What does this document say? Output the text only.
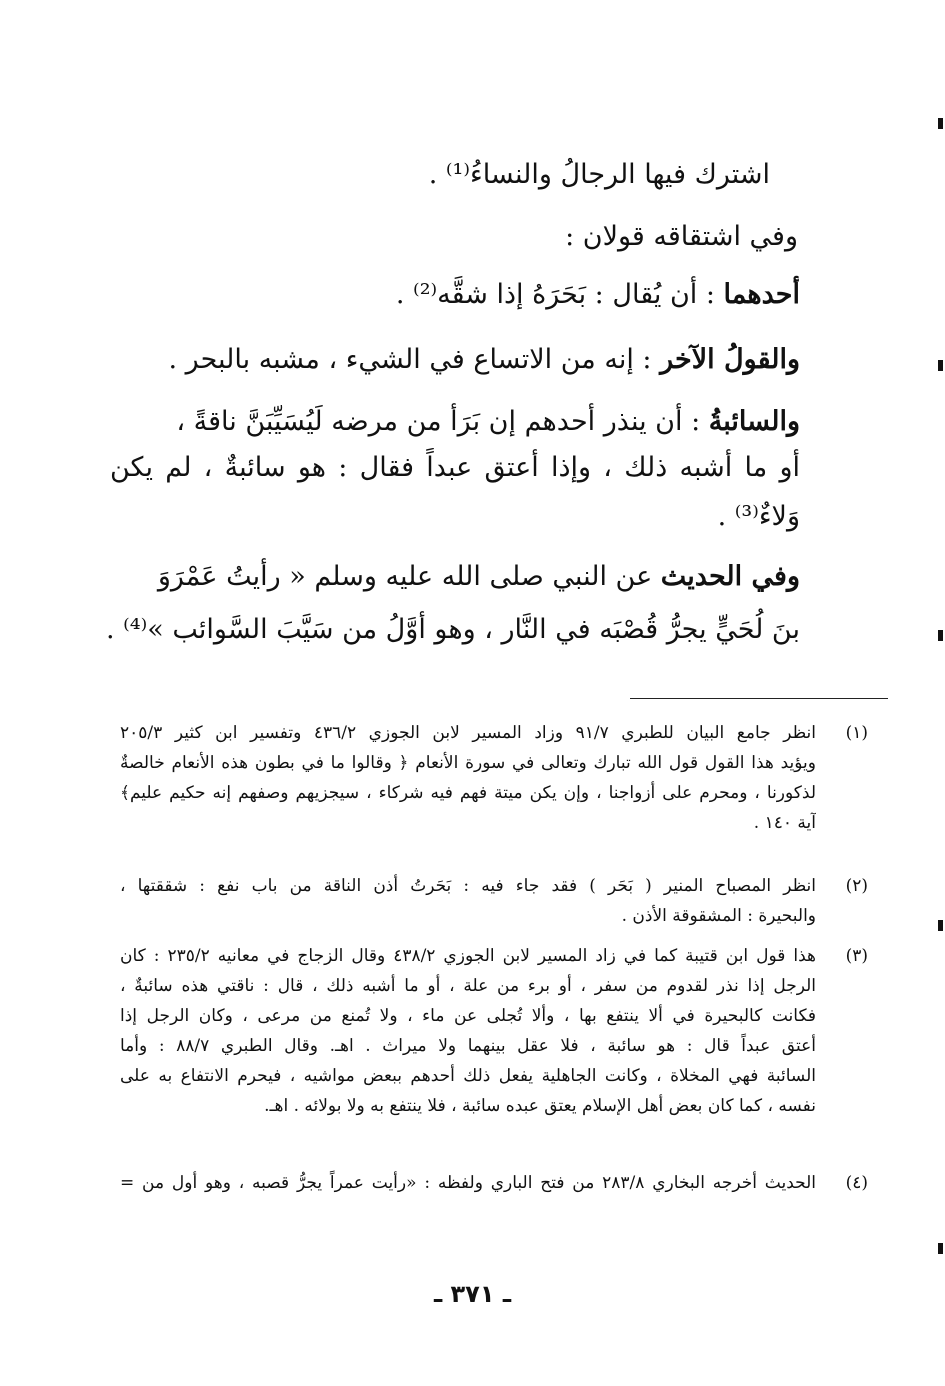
اشترك فيها الرجالُ والنساءُ⁽¹⁾ .
وفي اشتقاقه قولان :
أحدهما : أن يُقال : بَحَرَهُ إذا شقَّه⁽²⁾ .
والقولُ الآخر : إنه من الاتساع في الشيء ، مشبه بالبحر .
والسائبةُ : أن ينذر أحدهم إن بَرَأ من مرضه لَيُسَيِّبَنَّ ناقةً ،
أو ما أشبه ذلك ، وإذا أعتق عبداً فقال : هو سائبةٌ ، لم يكن
وَلاءٌ⁽³⁾ .
وفي الحديث عن النبي صلى الله عليه وسلم « رأيتُ عَمْرَوَ
بنَ لُحَيٍّ يجرُّ قُصْبَه في النَّار ، وهو أوَّلُ من سَيَّبَ السَّوائب »⁽⁴⁾ .
(١)
انظر جامع البيان للطبري ٩١/٧ وزاد المسير لابن الجوزي ٤٣٦/٢ وتفسير ابن كثير ٢٠٥/٣
ويؤيد هذا القول قول الله تبارك وتعالى في سورة الأنعام ﴿ وقالوا ما في بطون هذه الأنعام خالصةٌ
لذكورنا ، ومحرم على أزواجنا ، وإن يكن ميتة فهم فيه شركاء ، سيجزيهم وصفهم إنه حكيم عليم﴾
آية ١٤٠ .
(٢)
انظر المصباح المنير ( بَحَر ) فقد جاء فيه : بَحَرتُ أذن الناقة من باب نفع : شققتها ،
والبحيرة : المشقوقة الأذن .
(٣)
هذا قول ابن قتيبة كما في زاد المسير لابن الجوزي ٤٣٨/٢ وقال الزجاج في معانيه ٢٣٥/٢ : كان
الرجل إذا نذر لقدوم من سفر ، أو برء من علة ، أو ما أشبه ذلك ، قال : ناقتي هذه سائبةٌ ،
فكانت كالبحيرة في ألا ينتفع بها ، وألا تُجلى عن ماء ، ولا تُمنع من مرعى ، وكان الرجل إذا
أعتق عبداً قال : هو سائبة ، فلا عقل بينهما ولا ميراث . اهـ. وقال الطبري ٨٨/٧ : وأما
السائبة فهي المخلاة ، وكانت الجاهلية يفعل ذلك أحدهم ببعض مواشيه ، فيحرم الانتفاع به على
نفسه ، كما كان بعض أهل الإسلام يعتق عبده سائبة ، فلا ينتفع به ولا بولائه . اهـ.
(٤)
الحديث أخرجه البخاري ٢٨٣/٨ من فتح الباري ولفظه : «رأيت عمراً يجرُّ قصبه ، وهو أول من =
ـ ٣٧١ ـ
